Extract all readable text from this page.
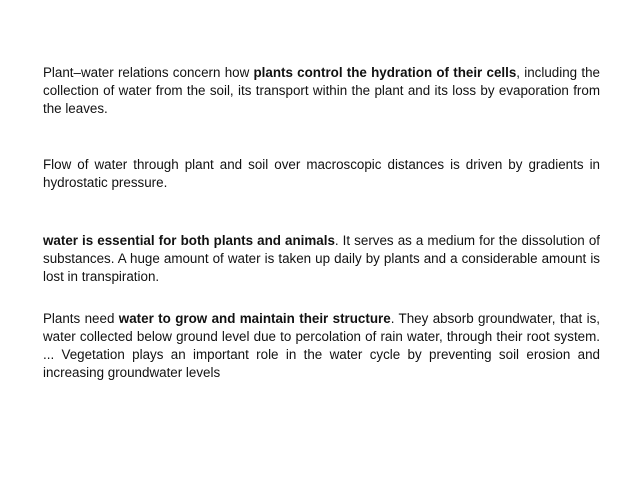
Plant–water relations concern how plants control the hydration of their cells, including the collection of water from the soil, its transport within the plant and its loss by evaporation from the leaves.

Flow of water through plant and soil over macroscopic distances is driven by gradients in hydrostatic pressure.

water is essential for both plants and animals. It serves as a medium for the dissolution of substances. A huge amount of water is taken up daily by plants and a considerable amount is lost in transpiration.

Plants need water to grow and maintain their structure. They absorb groundwater, that is, water collected below ground level due to percolation of rain water, through their root system. ... Vegetation plays an important role in the water cycle by preventing soil erosion and increasing groundwater levels
